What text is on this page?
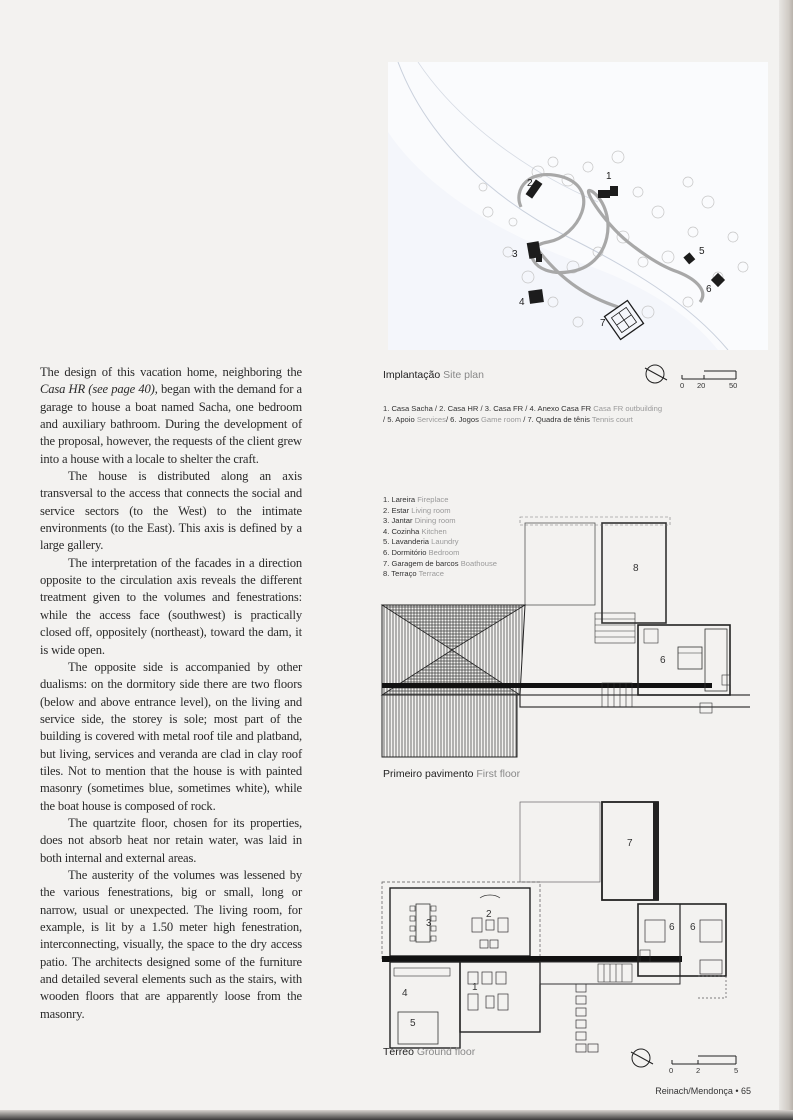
The design of this vacation home, neighboring the Casa HR (see page 40), began with the demand for a garage to house a boat named Sacha, one bedroom and auxiliary bathroom. During the development of the proposal, however, the requests of the client grew into a house with a locale to shelter the craft.

The house is distributed along an axis transversal to the access that connects the social and service sectors (to the West) to the intimate environments (to the East). This axis is defined by a large gallery.

The interpretation of the facades in a direction opposite to the circulation axis reveals the different treatment given to the volumes and fenestrations: while the access face (southwest) is practically closed off, oppositely (northeast), toward the dam, it is wide open.

The opposite side is accompanied by other dualisms: on the dormitory side there are two floors (below and above entrance level), on the living and service side, the storey is sole; most part of the building is covered with metal roof tile and platband, but living, services and veranda are clad in clay roof tiles. Not to mention that the house is with painted masonry (sometimes blue, sometimes white), while the boat house is composed of rock.

The quartzite floor, chosen for its properties, does not absorb heat nor retain water, was laid in both internal and external areas.

The austerity of the volumes was lessened by the various fenestrations, big or small, long or narrow, usual or unexpected. The living room, for example, is lit by a 1.50 meter high fenestration, interconnecting, visually, the space to the dry access patio. The architects designed some of the furniture and detailed several elements such as the stairs, with wooden floors that are apparently loose from the masonry.

2
1
3
4
5
6
7
Implantação Site plan
0 20	50
1. Casa Sacha / 2. Casa HR / 3. Casa FR / 4. Anexo Casa FR Casa FR outbuilding
/ 5. Apoio Services/ 6. Jogos Game room / 7. Quadra de tênis Tennis court
8
6
1. Lareira Fireplace
2. Estar Living room
3. Jantar Dining room
4. Cozinha Kitchen
5. Lavanderia Laundry
6. Dormitório Bedroom
7. Garagem de barcos Boathouse
8. Terraço Terrace
Primeiro pavimento First floor
7
2
3
1
6 6
4
5
Térreo Ground floor
0	2	5
Reinach/Mendonça • 65
